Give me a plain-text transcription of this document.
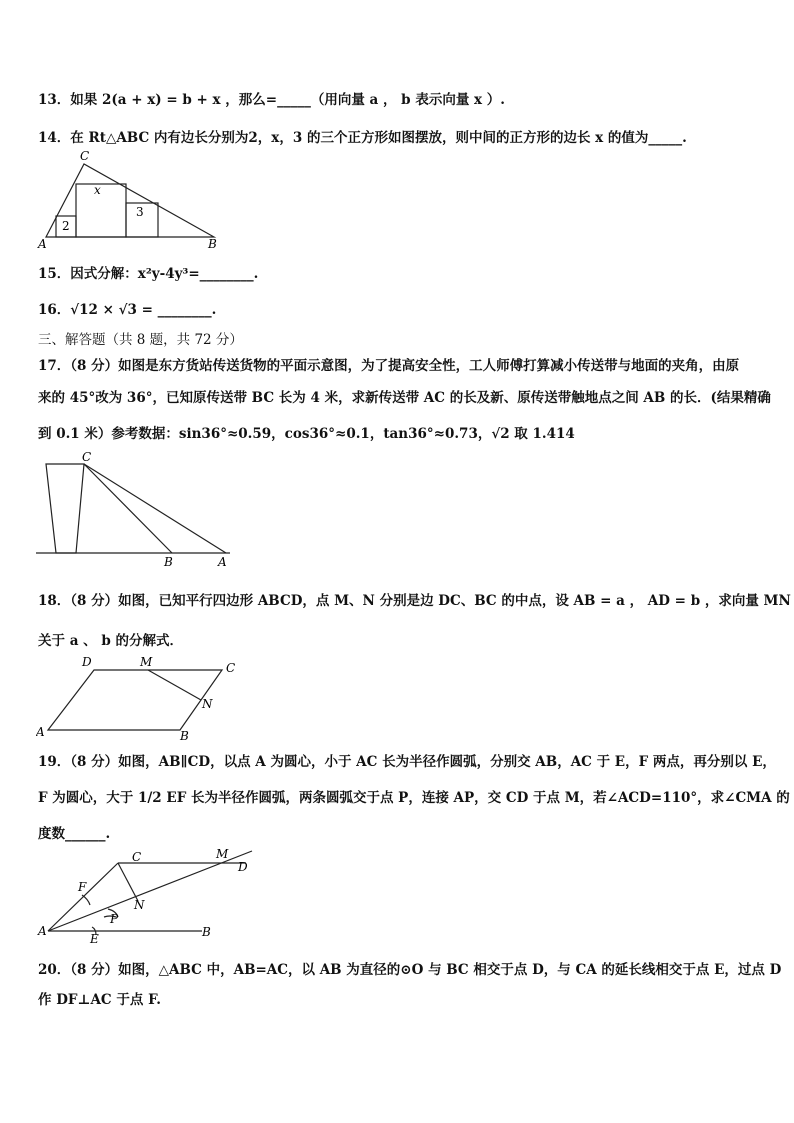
13．如果 2(a + x) = b + x ，那么=_____（用向量 a ， b 表示向量 x ）.
14．在 Rt△ABC 内有边长分别为2，x，3 的三个正方形如图摆放，则中间的正方形的边长 x 的值为_____.
C
A	B
x
2
3
15．因式分解：x²y-4y³=________.
16．√12 × √3 = ________.
三、解答题（共 8 题，共 72 分）
17．（8 分）如图是东方货站传送货物的平面示意图，为了提高安全性，工人师傅打算减小传送带与地面的夹角，由原
来的 45°改为 36°，已知原传送带 BC 长为 4 米，求新传送带 AC 的长及新、原传送带触地点之间 AB 的长．(结果精确
到 0.1 米）参考数据：sin36°≈0.59，cos36°≈0.1，tan36°≈0.73，√2 取 1.414
C
B	A
18．（8 分）如图，已知平行四边形 ABCD，点 M、N 分别是边 DC、BC 的中点，设 AB = a ， AD = b ，求向量 MN
关于 a 、 b 的分解式．
D	M	C
N
A	B
19．（8 分）如图，AB∥CD，以点 A 为圆心，小于 AC 长为半径作圆弧，分别交 AB，AC 于 E，F 两点，再分别以 E，
F 为圆心，大于 1/2 EF 长为半径作圆弧，两条圆弧交于点 P，连接 AP，交 CD 于点 M，若∠ACD=110°，求∠CMA 的
度数______.
C	M
D
F
N
P
A
E	B
20．（8 分）如图，△ABC 中，AB=AC，以 AB 为直径的⊙O 与 BC 相交于点 D，与 CA 的延长线相交于点 E，过点 D
作 DF⊥AC 于点 F.
